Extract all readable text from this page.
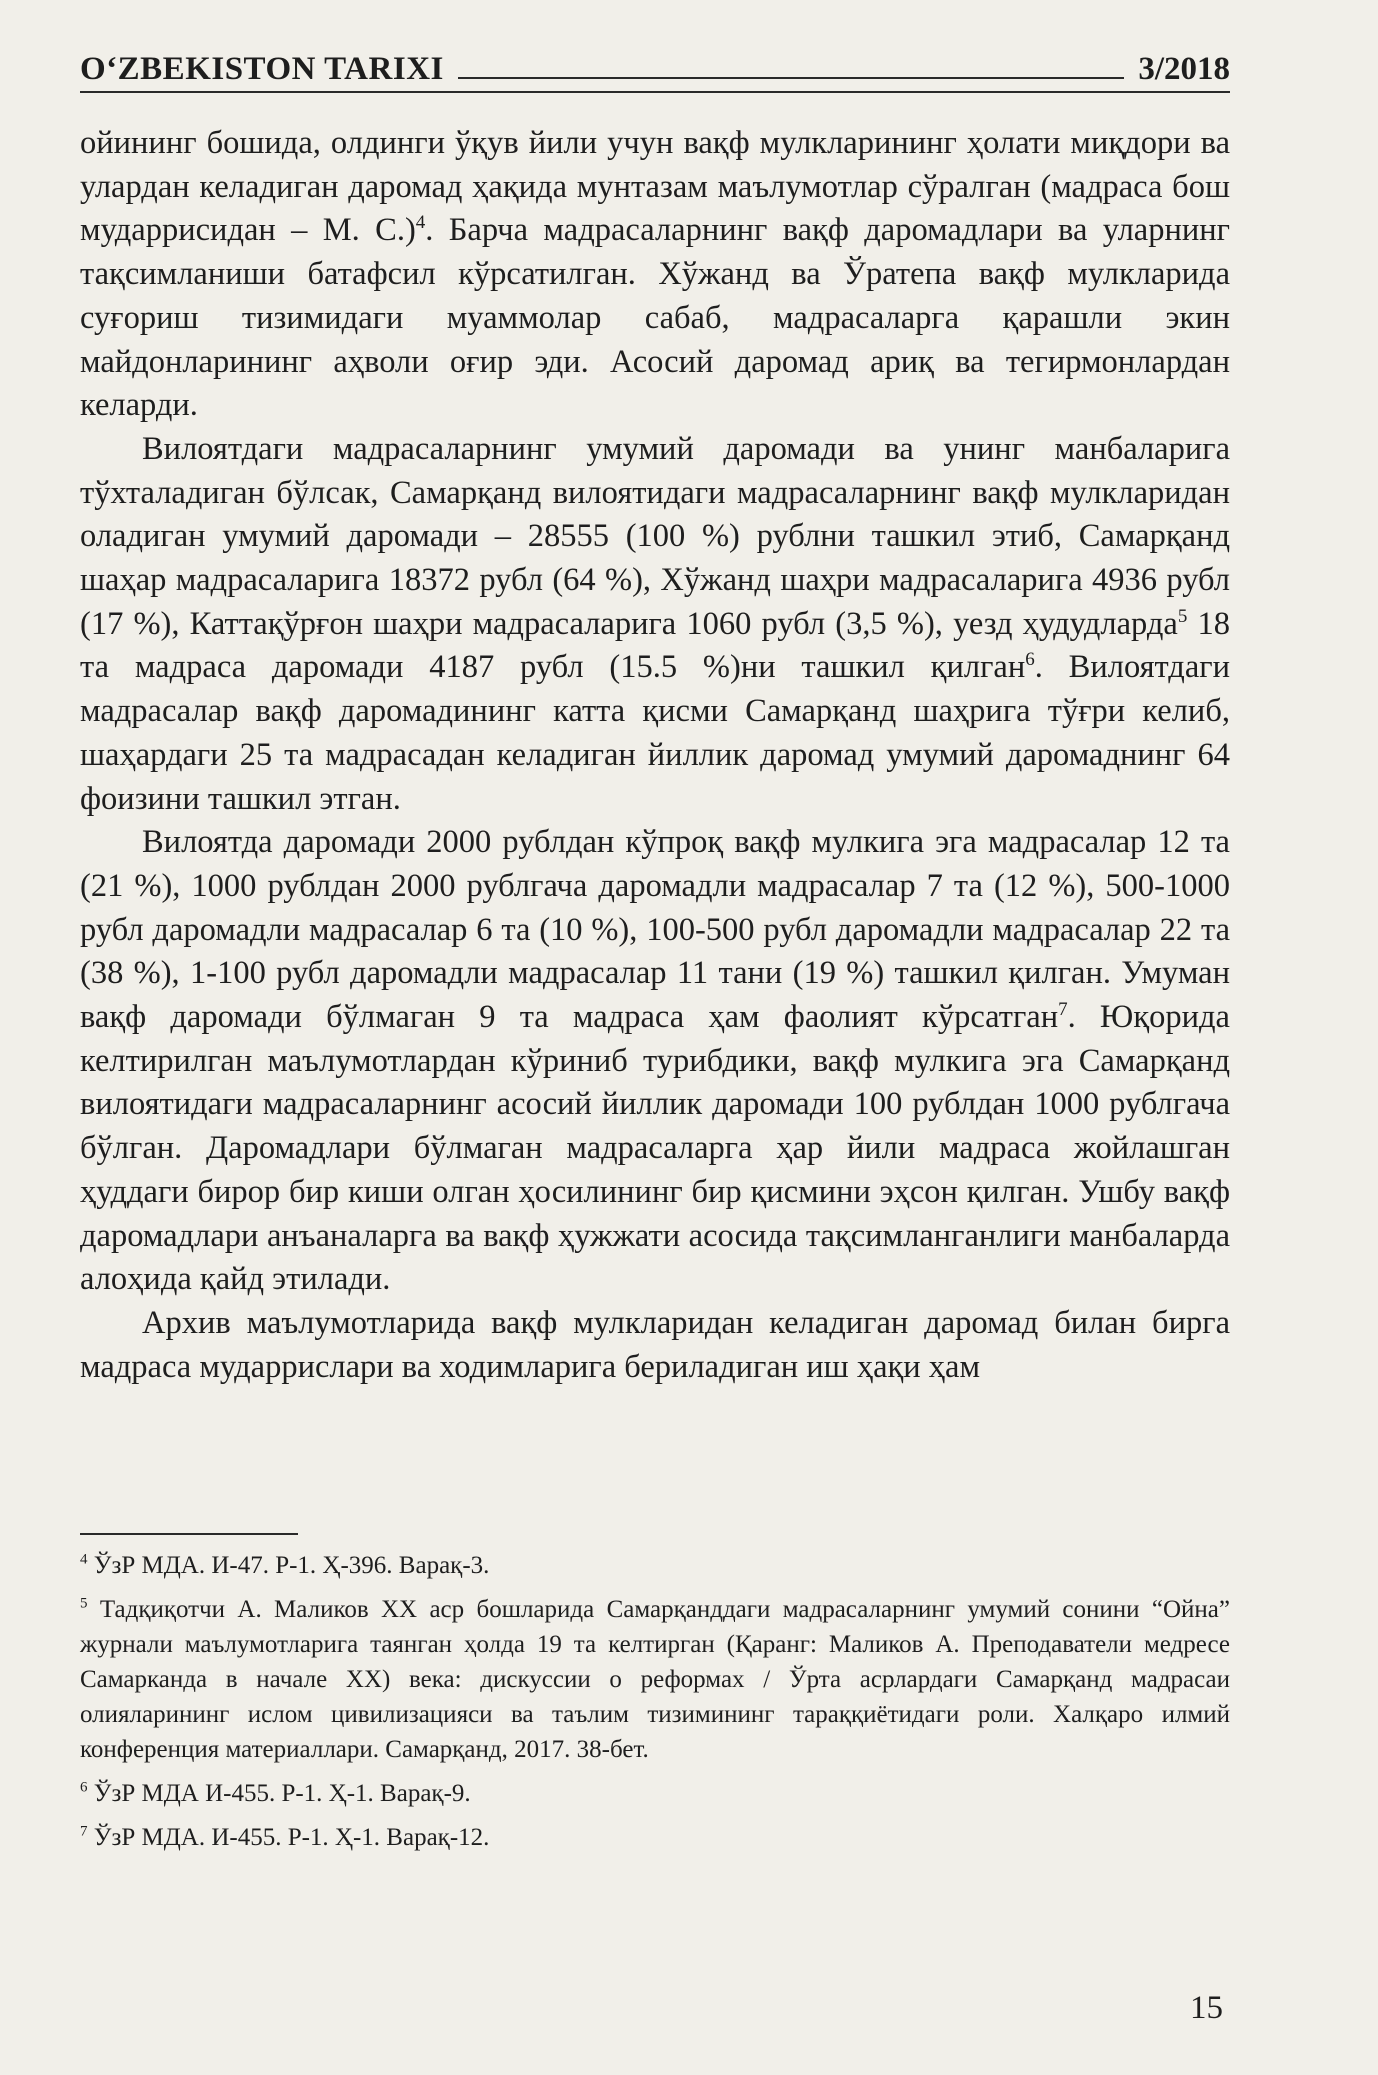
O‘ZBEKISTON TARIXI	3/2018

ойининг бошида, олдинги ўқув йили учун вақф мулкларининг ҳолати миқдори ва улардан келадиган даромад ҳақида мунтазам маълумотлар сўралган (мадраса бош мударрисидан – М. С.)$^4$. Барча мадрасаларнинг вақф даромадлари ва уларнинг тақсимланиши батафсил кўрсатилган. Хўжанд ва Ўратепа вақф мулкларида суғориш тизимидаги муаммолар сабаб, мадрасаларга қарашли экин майдонларининг аҳволи оғир эди. Асосий даромад ариқ ва тегирмонлардан келарди.

Вилоятдаги мадрасаларнинг умумий даромади ва унинг манбаларига тўхталадиган бўлсак, Самарқанд вилоятидаги мадрасаларнинг вақф мулкларидан оладиган умумий даромади – 28555 (100 %) рублни ташкил этиб, Самарқанд шаҳар мадрасаларига 18372 рубл (64 %), Хўжанд шаҳри мадрасаларига 4936 рубл (17 %), Каттақўрғон шаҳри мадрасаларига 1060 рубл (3,5 %), уезд ҳудудларда$^5$ 18 та мадраса даромади 4187 рубл (15.5 %)ни ташкил қилган$^6$. Вилоятдаги мадрасалар вақф даромадининг катта қисми Самарқанд шаҳрига тўғри келиб, шаҳардаги 25 та мадрасадан келадиган йиллик даромад умумий даромаднинг 64 фоизини ташкил этган.

Вилоятда даромади 2000 рублдан кўпроқ вақф мулкига эга мадрасалар 12 та (21 %), 1000 рублдан 2000 рублгача даромадли мадрасалар 7 та (12 %), 500-1000 рубл даромадли мадрасалар 6 та (10 %), 100-500 рубл даромадли мадрасалар 22 та (38 %), 1-100 рубл даромадли мадрасалар 11 тани (19 %) ташкил қилган. Умуман вақф даромади бўлмаган 9 та мадраса ҳам фаолият кўрсатган$^7$. Юқорида келтирилган маълумотлардан кўриниб турибдики, вақф мулкига эга Самарқанд вилоятидаги мадрасаларнинг асосий йиллик даромади 100 рублдан 1000 рублгача бўлган. Даромадлари бўлмаган мадрасаларга ҳар йили мадраса жойлашган ҳуддаги бирор бир киши олган ҳосилининг бир қисмини эҳсон қилган. Ушбу вақф даромадлари анъаналарга ва вақф ҳужжати асосида тақсимланганлиги манбаларда алоҳида қайд этилади.

Архив маълумотларида вақф мулкларидан келадиган даромад билан бирга мадраса мударрислари ва ходимларига бериладиган иш ҳақи ҳам

$^4$ ЎзР МДА. И-47. Р-1. Ҳ-396. Варақ-3.

$^5$ Тадқиқотчи А. Маликов ХХ аср бошларида Самарқанддаги мадрасаларнинг умумий сонини “Ойна” журнали маълумотларига таянган ҳолда 19 та келтирган (Қаранг: Маликов А. Преподаватели медресе Самарканда в начале ХХ) века: дискуссии о реформах / Ўрта асрлардаги Самарқанд мадрасаи олияларининг ислом цивилизацияси ва таълим тизимининг тараққиётидаги роли. Халқаро илмий конференция материаллари. Самарқанд, 2017. 38-бет.

$^6$ ЎзР МДА И-455. Р-1. Ҳ-1. Варақ-9.

$^7$ ЎзР МДА. И-455. Р-1. Ҳ-1. Варақ-12.

15
